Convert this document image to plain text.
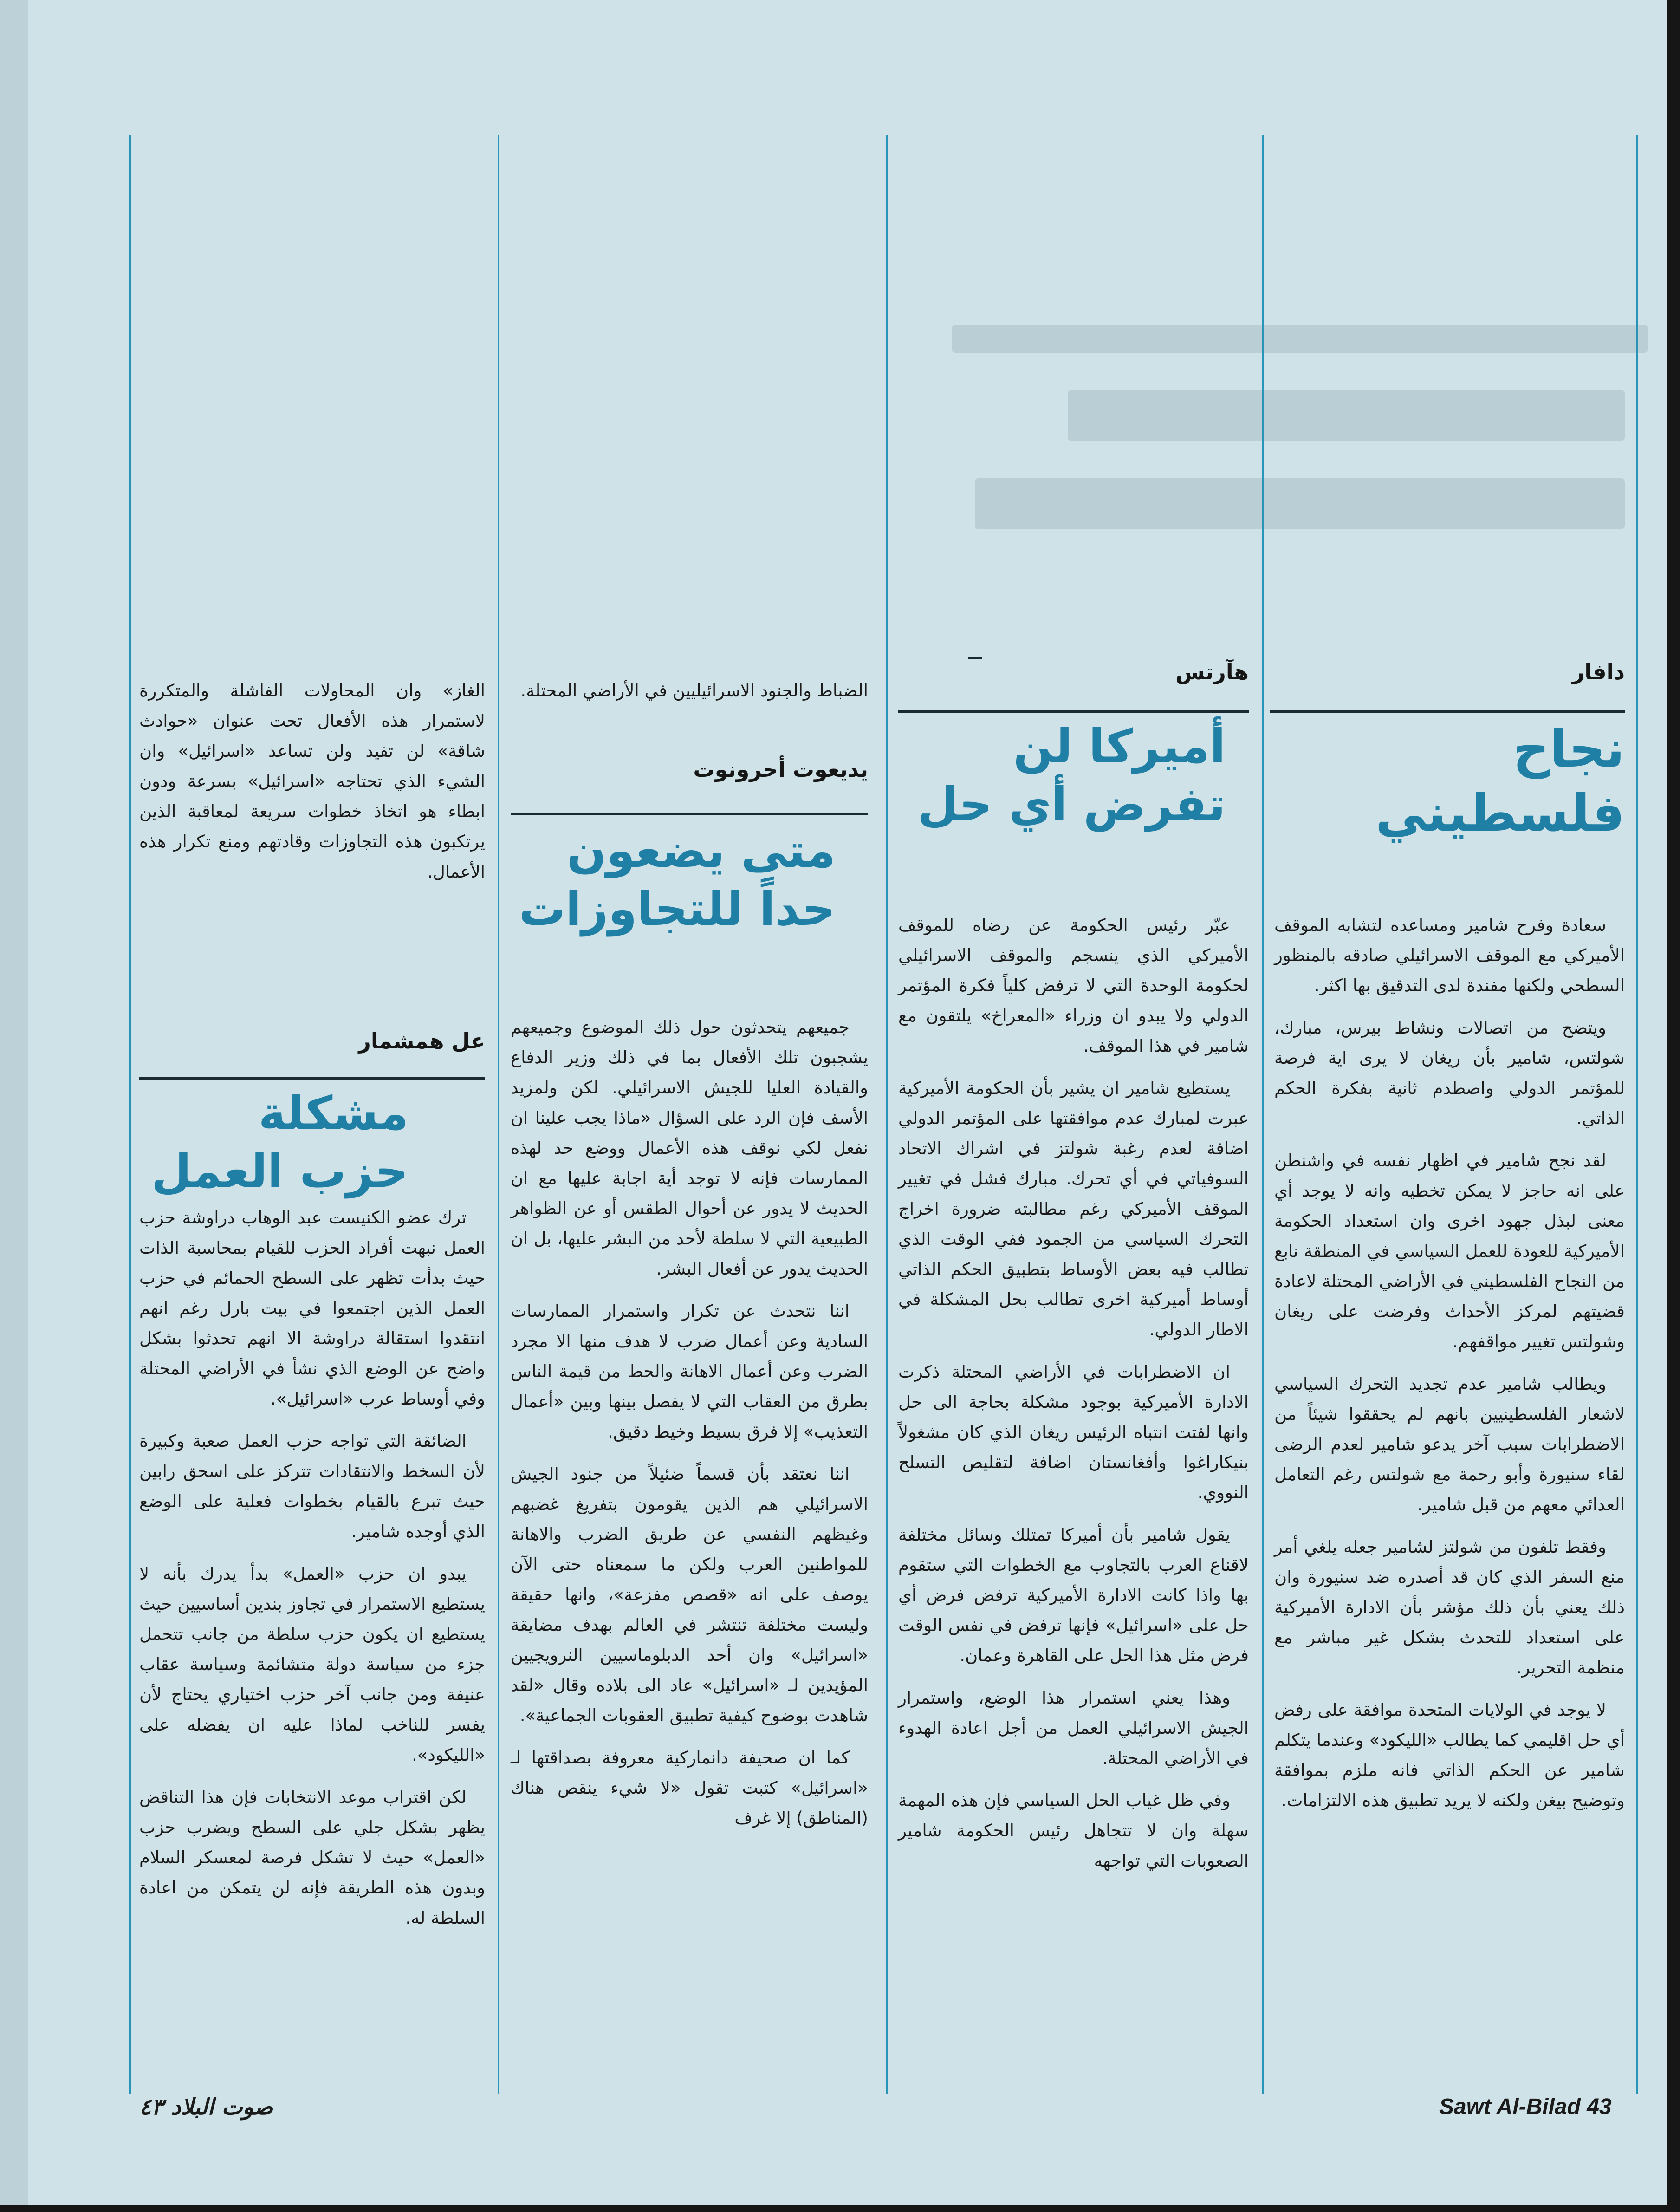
دافار
نجاح فلسطيني

سعادة وفرح شامير ومساعده لتشابه الموقف الأميركي مع الموقف الاسرائيلي صادقه بالمنظور السطحي ولكنها مفندة لدى التدقيق بها اكثر.

ويتضح من اتصالات ونشاط بيرس، مبارك، شولتس، شامير بأن ريغان لا يرى اية فرصة للمؤتمر الدولي واصطدم ثانية بفكرة الحكم الذاتي.

لقد نجح شامير في اظهار نفسه في واشنطن على انه حاجز لا يمكن تخطيه وانه لا يوجد أي معنى لبذل جهود اخرى وان استعداد الحكومة الأميركية للعودة للعمل السياسي في المنطقة نابع من النجاح الفلسطيني في الأراضي المحتلة لاعادة قضيتهم لمركز الأحداث وفرضت على ريغان وشولتس تغيير مواقفهم.

ويطالب شامير عدم تجديد التحرك السياسي لاشعار الفلسطينيين بانهم لم يحققوا شيئاً من الاضطرابات سبب آخر يدعو شامير لعدم الرضى لقاء سنيورة وأبو رحمة مع شولتس رغم التعامل العدائي معهم من قبل شامير.

وفقط تلفون من شولتز لشامير جعله يلغي أمر منع السفر الذي كان قد أصدره ضد سنيورة وان ذلك يعني بأن ذلك مؤشر بأن الادارة الأميركية على استعداد للتحدث بشكل غير مباشر مع منظمة التحرير.

لا يوجد في الولايات المتحدة موافقة على رفض أي حل اقليمي كما يطالب «الليكود» وعندما يتكلم شامير عن الحكم الذاتي فانه ملزم بموافقة وتوضيح بيغن ولكنه لا يريد تطبيق هذه الالتزامات.

هآرتس
أميركا لن تفرض أي حل

عبّر رئيس الحكومة عن رضاه للموقف الأميركي الذي ينسجم والموقف الاسرائيلي لحكومة الوحدة التي لا ترفض كلياً فكرة المؤتمر الدولي ولا يبدو ان وزراء «المعراخ» يلتقون مع شامير في هذا الموقف.

يستطيع شامير ان يشير بأن الحكومة الأميركية عبرت لمبارك عدم موافقتها على المؤتمر الدولي اضافة لعدم رغبة شولتز في اشراك الاتحاد السوفياتي في أي تحرك. مبارك فشل في تغيير الموقف الأميركي رغم مطالبته ضرورة اخراج التحرك السياسي من الجمود ففي الوقت الذي تطالب فيه بعض الأوساط بتطبيق الحكم الذاتي أوساط أميركية اخرى تطالب بحل المشكلة في الاطار الدولي.

ان الاضطرابات في الأراضي المحتلة ذكرت الادارة الأميركية بوجود مشكلة بحاجة الى حل وانها لفتت انتباه الرئيس ريغان الذي كان مشغولاً بنيكاراغوا وأفغانستان اضافة لتقليص التسلح النووي.

يقول شامير بأن أميركا تمتلك وسائل مختلفة لاقناع العرب بالتجاوب مع الخطوات التي ستقوم بها واذا كانت الادارة الأميركية ترفض فرض أي حل على «اسرائيل» فإنها ترفض في نفس الوقت فرض مثل هذا الحل على القاهرة وعمان.

وهذا يعني استمرار هذا الوضع، واستمرار الجيش الاسرائيلي العمل من أجل اعادة الهدوء في الأراضي المحتلة.

وفي ظل غياب الحل السياسي فإن هذه المهمة سهلة وان لا تتجاهل رئيس الحكومة شامير الصعوبات التي تواجهه

الضباط والجنود الاسرائيليين في الأراضي المحتلة.

يديعوت أحرونوت
متى يضعون حداً للتجاوزات

جميعهم يتحدثون حول ذلك الموضوع وجميعهم يشجبون تلك الأفعال بما في ذلك وزير الدفاع والقيادة العليا للجيش الاسرائيلي. لكن ولمزيد الأسف فإن الرد على السؤال «ماذا يجب علينا ان نفعل لكي نوقف هذه الأعمال ووضع حد لهذه الممارسات فإنه لا توجد أية اجابة عليها مع ان الحديث لا يدور عن أحوال الطقس أو عن الظواهر الطبيعية التي لا سلطة لأحد من البشر عليها، بل ان الحديث يدور عن أفعال البشر.

اننا نتحدث عن تكرار واستمرار الممارسات السادية وعن أعمال ضرب لا هدف منها الا مجرد الضرب وعن أعمال الاهانة والحط من قيمة الناس بطرق من العقاب التي لا يفصل بينها وبين «أعمال التعذيب» إلا فرق بسيط وخيط دقيق.

اننا نعتقد بأن قسماً ضئيلاً من جنود الجيش الاسرائيلي هم الذين يقومون بتفريغ غضبهم وغيظهم النفسي عن طريق الضرب والاهانة للمواطنين العرب ولكن ما سمعناه حتى الآن يوصف على انه «قصص مفزعة»، وانها حقيقة وليست مختلفة تنتشر في العالم بهدف مضايقة «اسرائيل» وان أحد الدبلوماسيين النرويجيين المؤيدين لـ «اسرائيل» عاد الى بلاده وقال «لقد شاهدت بوضوح كيفية تطبيق العقوبات الجماعية».

كما ان صحيفة دانماركية معروفة بصداقتها لـ «اسرائيل» كتبت تقول «لا شيء ينقص هناك (المناطق) إلا غرف

الغاز» وان المحاولات الفاشلة والمتكررة لاستمرار هذه الأفعال تحت عنوان «حوادث شاقة» لن تفيد ولن تساعد «اسرائيل» وان الشيء الذي تحتاجه «اسرائيل» بسرعة ودون ابطاء هو اتخاذ خطوات سريعة لمعاقبة الذين يرتكبون هذه التجاوزات وقادتهم ومنع تكرار هذه الأعمال.

عل همشمار
مشكلة حزب العمل

ترك عضو الكنيست عبد الوهاب دراوشة حزب العمل نبهت أفراد الحزب للقيام بمحاسبة الذات حيث بدأت تظهر على السطح الحمائم في حزب العمل الذين اجتمعوا في بيت بارل رغم انهم انتقدوا استقالة دراوشة الا انهم تحدثوا بشكل واضح عن الوضع الذي نشأ في الأراضي المحتلة وفي أوساط عرب «اسرائيل».

الضائقة التي تواجه حزب العمل صعبة وكبيرة لأن السخط والانتقادات تتركز على اسحق رابين حيث تبرع بالقيام بخطوات فعلية على الوضع الذي أوجده شامير.

يبدو ان حزب «العمل» بدأ يدرك بأنه لا يستطيع الاستمرار في تجاوز بندين أساسيين حيث يستطيع ان يكون حزب سلطة من جانب تتحمل جزء من سياسة دولة متشائمة وسياسة عقاب عنيفة ومن جانب آخر حزب اختياري يحتاج لأن يفسر للناخب لماذا عليه ان يفضله على «الليكود».

لكن اقتراب موعد الانتخابات فإن هذا التناقض يظهر بشكل جلي على السطح ويضرب حزب «العمل» حيث لا تشكل فرصة لمعسكر السلام وبدون هذه الطريقة فإنه لن يتمكن من اعادة السلطة له.

صوت البلاد ٤٣	Sawt Al-Bilad 43
